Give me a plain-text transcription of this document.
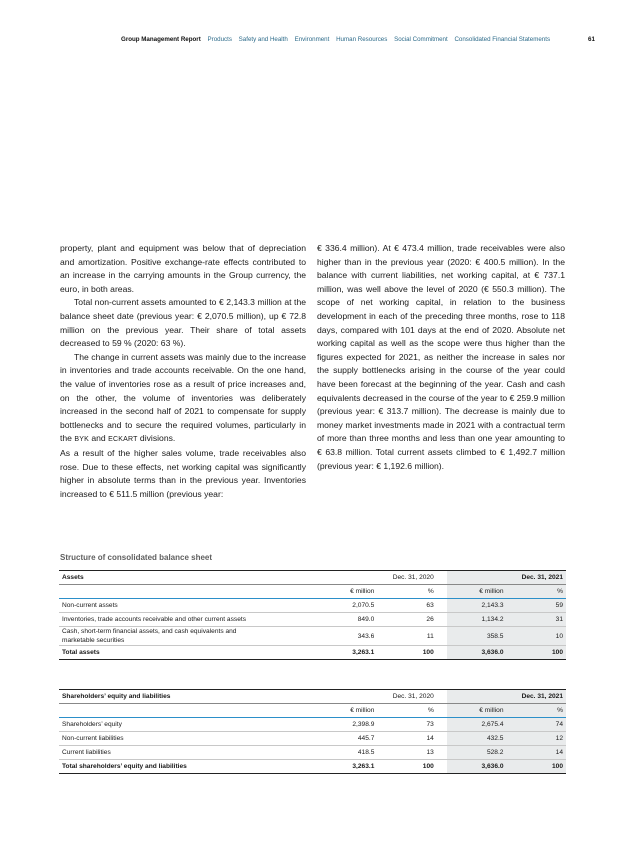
Group Management Report Products Safety and Health Environment Human Resources Social Commitment Consolidated Financial Statements	61

property, plant and equipment was below that of depreciation and amortization. Positive exchange-rate effects contributed to an increase in the carrying amounts in the Group currency, the euro, in both areas.

Total non-current assets amounted to € 2,143.3 million at the balance sheet date (previous year: € 2,070.5 million), up € 72.8 million on the previous year. Their share of total assets decreased to 59 % (2020: 63 %).

The change in current assets was mainly due to the increase in inventories and trade accounts receivable. On the one hand, the value of inventories rose as a result of price increases and, on the other, the volume of inventories was deliberately increased in the second half of 2021 to compensate for supply bottlenecks and to secure the required volumes, particularly in the BYK and ECKART divisions.

As a result of the higher sales volume, trade receivables also rose. Due to these effects, net working capital was significantly higher in absolute terms than in the previous year. Inventories increased to € 511.5 million (previous year:

€ 336.4 million). At € 473.4 million, trade receivables were also higher than in the previous year (2020: € 400.5 million). In the balance with current liabilities, net working capital, at € 737.1 million, was well above the level of 2020 (€ 550.3 million). The scope of net working capital, in relation to the business development in each of the preceding three months, rose to 118 days, compared with 101 days at the end of 2020. Absolute net working capital as well as the scope were thus higher than the figures expected for 2021, as neither the increase in sales nor the supply bottlenecks arising in the course of the year could have been forecast at the beginning of the year. Cash and cash equivalents decreased in the course of the year to € 259.9 million (previous year: € 313.7 million). The decrease is mainly due to money market investments made in 2021 with a contractual term of more than three months and less than one year amounting to € 63.8 million. Total current assets climbed to € 1,492.7 million (previous year: € 1,192.6 million).

Structure of consolidated balance sheet
Assets		Dec. 31, 2020			Dec. 31, 2021	
		€ million	%		€ million	%
Non-current assets		2,070.5	63		2,143.3	59
Inventories, trade accounts receivable and other current assets		849.0	26		1,134.2	31
Cash, short-term financial assets, and cash equivalents and
marketable securities		343.6	11		358.5	10
Total assets		3,263.1	100		3,636.0	100
Shareholders’ equity and liabilities		Dec. 31, 2020			Dec. 31, 2021	
		€ million	%		€ million	%
Shareholders’ equity		2,398.9	73		2,675.4	74
Non-current liabilities		445.7	14		432.5	12
Current liabilities		418.5	13		528.2	14
Total shareholders’ equity and liabilities		3,263.1	100		3,636.0	100
